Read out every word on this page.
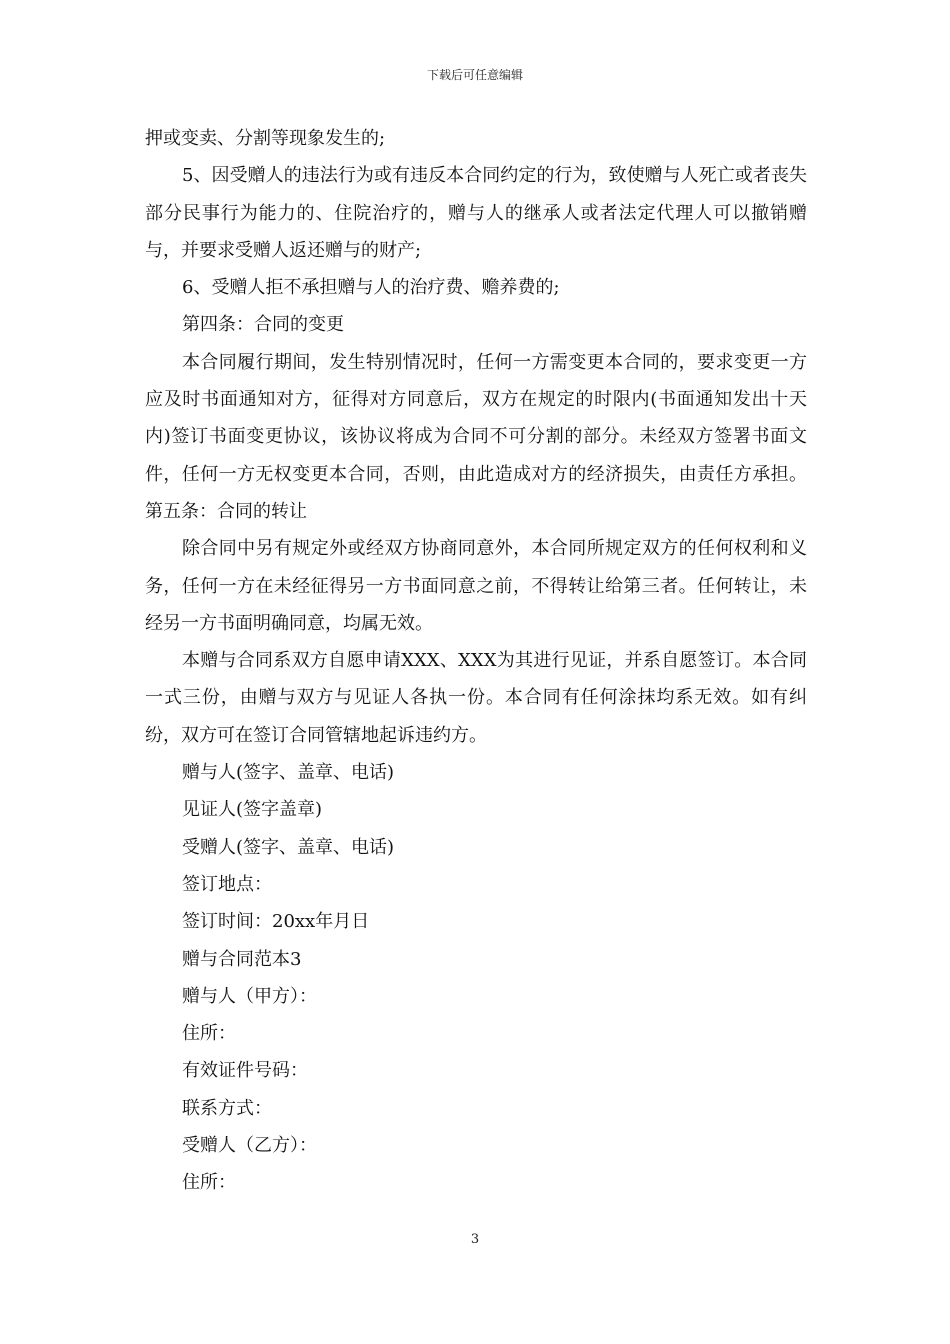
下载后可任意编辑

押或变卖、分割等现象发生的;

5、因受赠人的违法行为或有违反本合同约定的行为，致使赠与人死亡或者丧失部分民事行为能力的、住院治疗的，赠与人的继承人或者法定代理人可以撤销赠与，并要求受赠人返还赠与的财产;

6、受赠人拒不承担赠与人的治疗费、赡养费的;

第四条：合同的变更

本合同履行期间，发生特别情况时，任何一方需变更本合同的，要求变更一方应及时书面通知对方，征得对方同意后，双方在规定的时限内(书面通知发出十天内)签订书面变更协议，该协议将成为合同不可分割的部分。未经双方签署书面文件，任何一方无权变更本合同，否则，由此造成对方的经济损失，由责任方承担。第五条：合同的转让

除合同中另有规定外或经双方协商同意外，本合同所规定双方的任何权利和义务，任何一方在未经征得另一方书面同意之前，不得转让给第三者。任何转让，未经另一方书面明确同意，均属无效。

本赠与合同系双方自愿申请XXX、XXX为其进行见证，并系自愿签订。本合同一式三份，由赠与双方与见证人各执一份。本合同有任何涂抹均系无效。如有纠纷，双方可在签订合同管辖地起诉违约方。

赠与人(签字、盖章、电话)

见证人(签字盖章)

受赠人(签字、盖章、电话)

签订地点：

签订时间：20xx年月日

赠与合同范本3

赠与人（甲方）：

住所：

有效证件号码：

联系方式：

受赠人（乙方）：

住所：

3
